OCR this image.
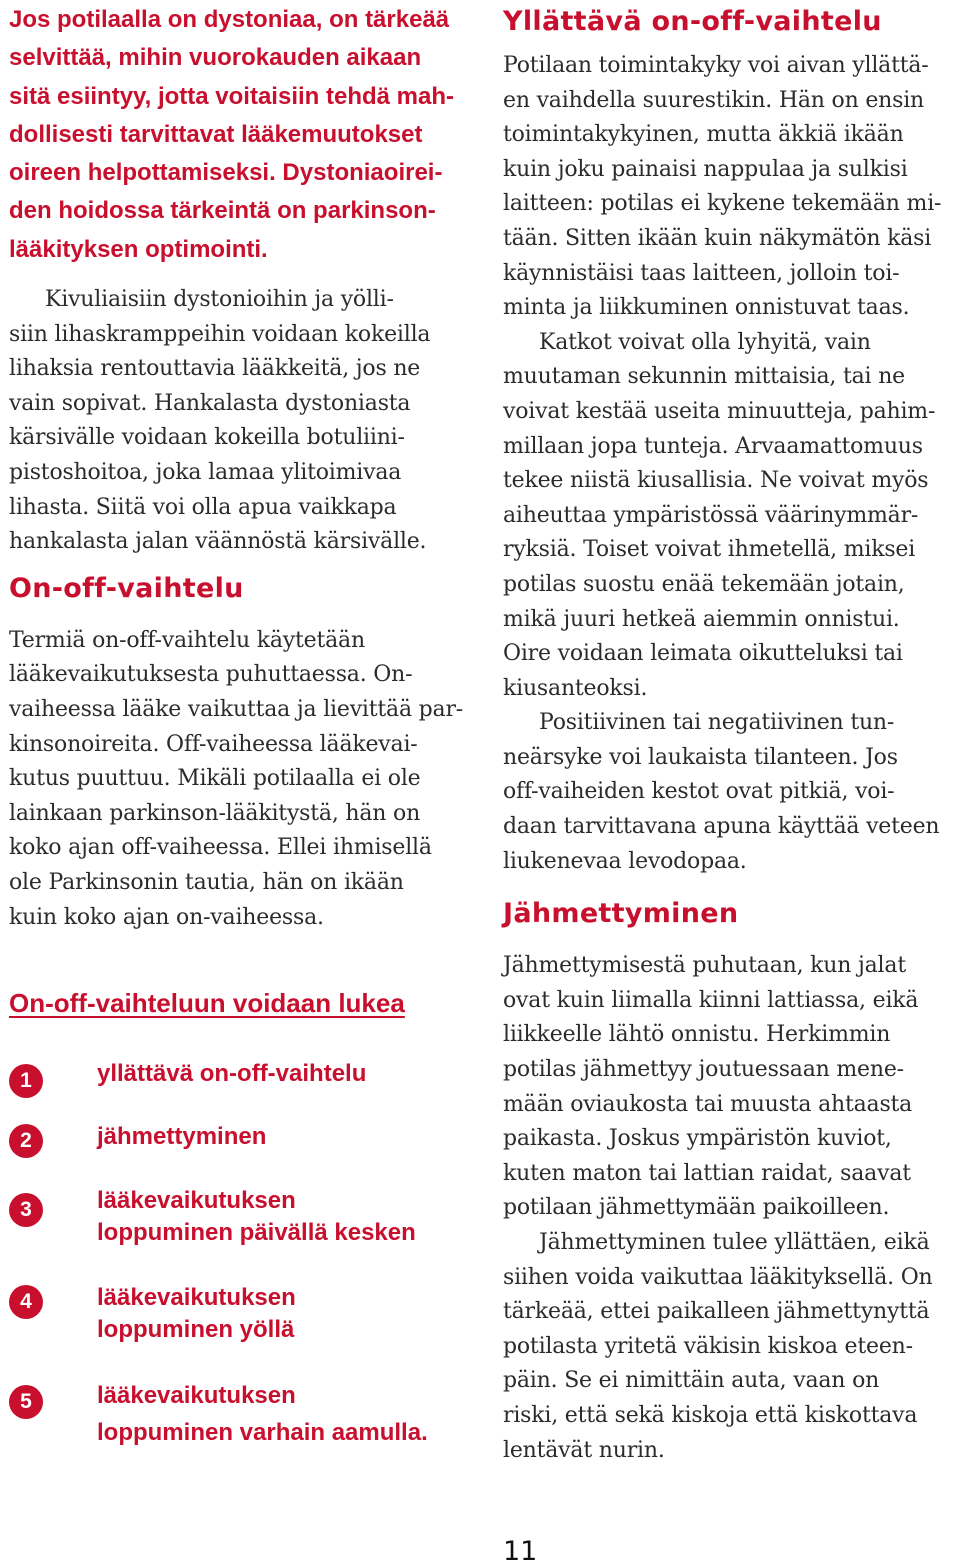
Jos potilaalla on dystoniaa, on tärkeää
selvittää, mihin vuorokauden aikaan
sitä esiintyy, jotta voitaisiin tehdä mah-
dollisesti tarvittavat lääkemuutokset
oireen helpottamiseksi. Dystoniaoirei-
den hoidossa tärkeintä on parkinson-
lääkityksen optimointi.

Kivuliaisiin dystonioihin ja yölli-
siin lihaskramppeihin voidaan kokeilla
lihaksia rentouttavia lääkkeitä, jos ne
vain sopivat. Hankalasta dystoniasta
kärsivälle voidaan kokeilla botuliini-
pistoshoitoa, joka lamaa ylitoimivaa
lihasta. Siitä voi olla apua vaikkapa
hankalasta jalan väännöstä kärsivälle.

On-off-vaihtelu

Termiä on-off-vaihtelu käytetään
lääkevaikutuksesta puhuttaessa. On-
vaiheessa lääke vaikuttaa ja lievittää par-
kinsonoireita. Off-vaiheessa lääkevai-
kutus puuttuu. Mikäli potilaalla ei ole
lainkaan parkinson-lääkitystä, hän on
koko ajan off-vaiheessa. Ellei ihmisellä
ole Parkinsonin tautia, hän on ikään
kuin koko ajan on-vaiheessa.

On-off-vaihteluun voidaan lukea
1	yllättävä on-off-vaihtelu

2	jähmettyminen

3	lääkevaikutuksen
loppuminen päivällä kesken

4	lääkevaikutuksen
loppuminen yöllä

5	lääkevaikutuksen
loppuminen varhain aamulla.

Yllättävä on-off-vaihtelu

Potilaan toimintakyky voi aivan yllättä-
en vaihdella suurestikin. Hän on ensin
toimintakykyinen, mutta äkkiä ikään
kuin joku painaisi nappulaa ja sulkisi
laitteen: potilas ei kykene tekemään mi-
tään. Sitten ikään kuin näkymätön käsi
käynnistäisi taas laitteen, jolloin toi-
minta ja liikkuminen onnistuvat taas.

Katkot voivat olla lyhyitä, vain
muutaman sekunnin mittaisia, tai ne
voivat kestää useita minuutteja, pahim-
millaan jopa tunteja. Arvaamattomuus
tekee niistä kiusallisia. Ne voivat myös
aiheuttaa ympäristössä väärinymmär-
ryksiä. Toiset voivat ihmetellä, miksei
potilas suostu enää tekemään jotain,
mikä juuri hetkeä aiemmin onnistui.
Oire voidaan leimata oikutteluksi tai
kiusanteoksi.

Positiivinen tai negatiivinen tun-
neärsyke voi laukaista tilanteen. Jos
off-vaiheiden kestot ovat pitkiä, voi-
daan tarvittavana apuna käyttää veteen
liukenevaa levodopaa.

Jähmettyminen

Jähmettymisestä puhutaan, kun jalat
ovat kuin liimalla kiinni lattiassa, eikä
liikkeelle lähtö onnistu. Herkimmin
potilas jähmettyy joutuessaan mene-
mään oviaukosta tai muusta ahtaasta
paikasta. Joskus ympäristön kuviot,
kuten maton tai lattian raidat, saavat
potilaan jähmettymään paikoilleen.

Jähmettyminen tulee yllättäen, eikä
siihen voida vaikuttaa lääkityksellä. On
tärkeää, ettei paikalleen jähmettynyttä
potilasta yritetä väkisin kiskoa eteen-
päin. Se ei nimittäin auta, vaan on
riski, että sekä kiskoja että kiskottava
lentävät nurin.

11
